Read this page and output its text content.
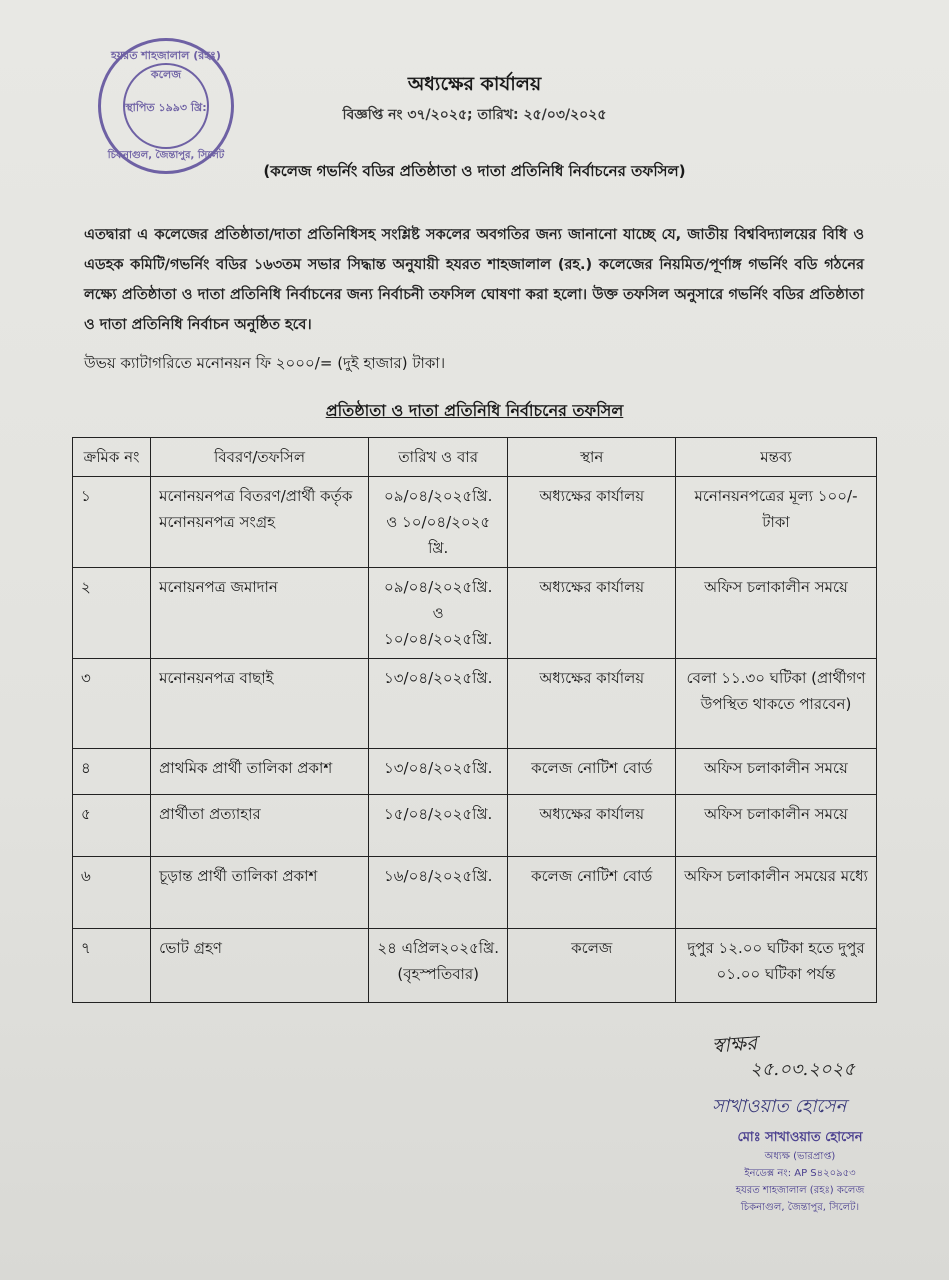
হযরত শাহজালাল (রহঃ) কলেজ
স্থাপিত ১৯৯৩ খ্রি:
চিকনাগুল, জৈন্তাপুর, সিলেট
অধ্যক্ষের কার্যালয়
বিজ্ঞপ্তি নং ৩৭/২০২৫; তারিখ: ২৫/০৩/২০২৫
(কলেজ গভর্নিং বডির প্রতিষ্ঠাতা ও দাতা প্রতিনিধি নির্বাচনের তফসিল)
এতদ্বারা এ কলেজের প্রতিষ্ঠাতা/দাতা প্রতিনিধিসহ সংশ্লিষ্ট সকলের অবগতির জন্য জানানো যাচ্ছে যে, জাতীয় বিশ্ববিদ্যালয়ের বিধি ও এডহক কমিটি/গভর্নিং বডির ১৬৩তম সভার সিদ্ধান্ত অনুযায়ী হযরত শাহজালাল (রহ.) কলেজের নিয়মিত/পূর্ণাঙ্গ গভর্নিং বডি গঠনের লক্ষ্যে প্রতিষ্ঠাতা ও দাতা প্রতিনিধি নির্বাচনের জন্য নির্বাচনী তফসিল ঘোষণা করা হলো। উক্ত তফসিল অনুসারে গভর্নিং বডির প্রতিষ্ঠাতা ও দাতা প্রতিনিধি নির্বাচন অনুষ্ঠিত হবে।
উভয় ক্যাটাগরিতে মনোনয়ন ফি ২০০০/= (দুই হাজার) টাকা।
প্রতিষ্ঠাতা ও দাতা প্রতিনিধি নির্বাচনের তফসিল
ক্রমিক নং	বিবরণ/তফসিল	তারিখ ও বার	স্থান	মন্তব্য
১	মনোনয়নপত্র বিতরণ/প্রার্থী কর্তৃক মনোনয়নপত্র সংগ্রহ	০৯/০৪/২০২৫খ্রি. ও ১০/০৪/২০২৫ খ্রি.	অধ্যক্ষের কার্যালয়	মনোনয়নপত্রের মূল্য ১০০/- টাকা
২	মনোয়নপত্র জমাদান	০৯/০৪/২০২৫খ্রি. ও ১০/০৪/২০২৫খ্রি.	অধ্যক্ষের কার্যালয়	অফিস চলাকালীন সময়ে
৩	মনোনয়নপত্র বাছাই	১৩/০৪/২০২৫খ্রি.	অধ্যক্ষের কার্যালয়	বেলা ১১.৩০ ঘটিকা (প্রার্থীগণ উপস্থিত থাকতে পারবেন)
৪	প্রাথমিক প্রার্থী তালিকা প্রকাশ	১৩/০৪/২০২৫খ্রি.	কলেজ নোটিশ বোর্ড	অফিস চলাকালীন সময়ে
৫	প্রার্থীতা প্রত্যাহার	১৫/০৪/২০২৫খ্রি.	অধ্যক্ষের কার্যালয়	অফিস চলাকালীন সময়ে
৬	চূড়ান্ত প্রার্থী তালিকা প্রকাশ	১৬/০৪/২০২৫খ্রি.	কলেজ নোটিশ বোর্ড	অফিস চলাকালীন সময়ের মধ্যে
৭	ভোট গ্রহণ	২৪ এপ্রিল২০২৫খ্রি. (বৃহস্পতিবার)	কলেজ	দুপুর ১২.০০ ঘটিকা হতে দুপুর ০১.০০ ঘটিকা পর্যন্ত
স্বাক্ষর
২৫.০৩.২০২৫
সাখাওয়াত হোসেন
মোঃ সাখাওয়াত হোসেন
অধ্যক্ষ (ভারপ্রাপ্ত)
ইনডেক্স নং: AP S৪২০৯৫৩
হযরত শাহজালাল (রহঃ) কলেজ
চিকনাগুল, জৈন্তাপুর, সিলেট।
